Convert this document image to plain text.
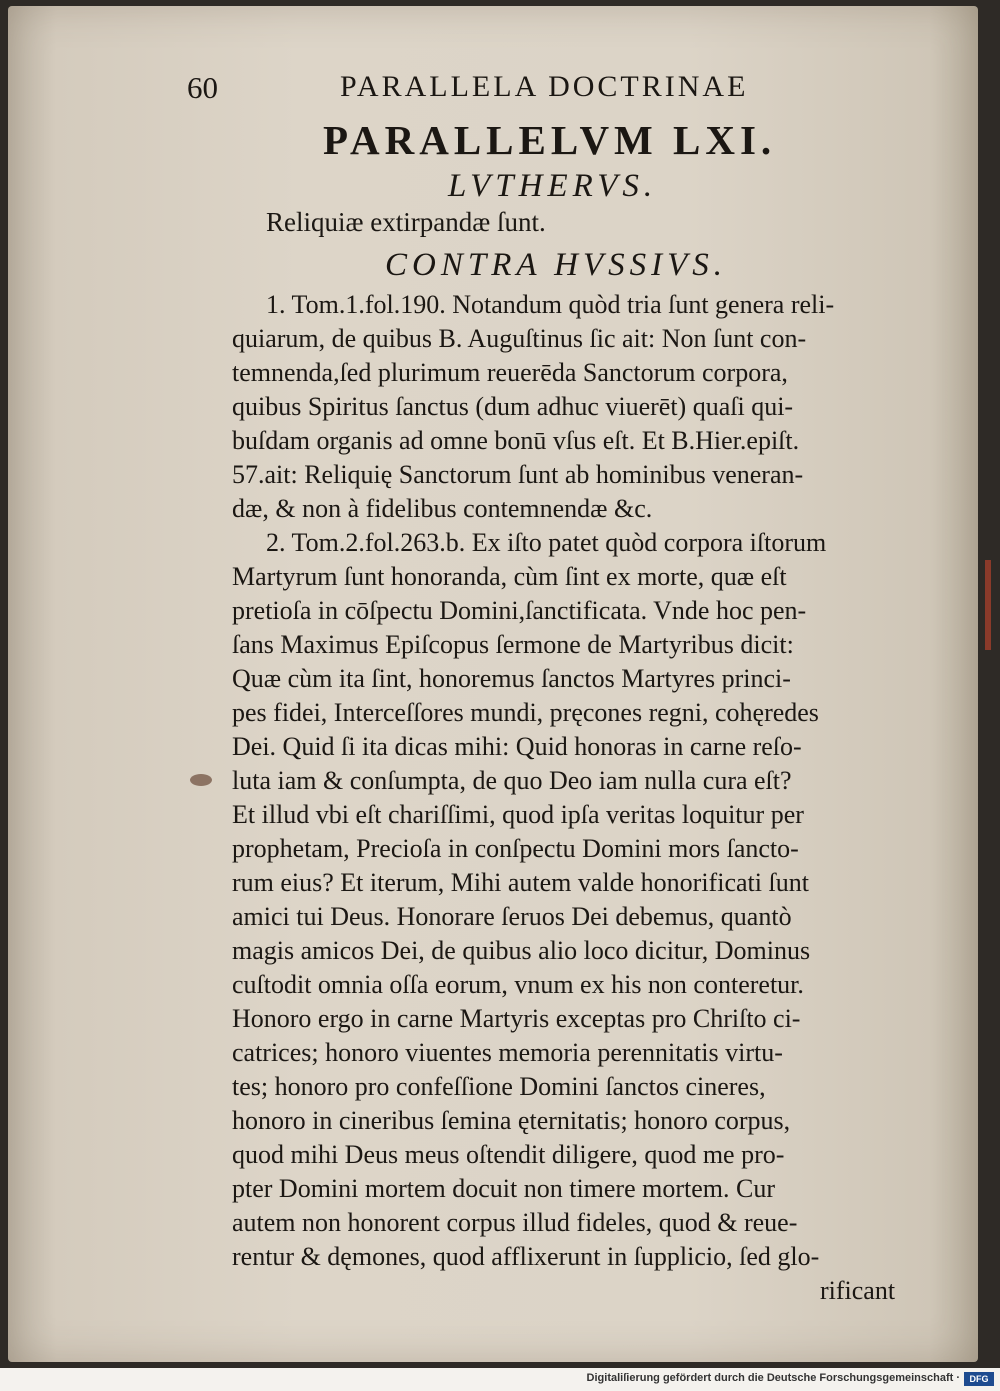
60	PARALLELA DOCTRINAE
PARALLELVM LXI.
LVTHERVS.
Reliquiæ extirpandæ ſunt.
CONTRA HVSSIVS.
1. Tom.1.fol.190. Notandum quòd tria ſunt genera reli-
quiarum, de quibus B. Auguſtinus ſic ait: Non ſunt con-
temnenda,ſed plurimum reuerēda Sanctorum corpora,
quibus Spiritus ſanctus (dum adhuc viuerēt) quaſi qui-
buſdam organis ad omne bonū vſus eſt. Et B.Hier.epiſt.
57.ait: Reliquię Sanctorum ſunt ab hominibus veneran-
dæ, & non à fidelibus contemnendæ &c.
2. Tom.2.fol.263.b. Ex iſto patet quòd corpora iſtorum
Martyrum ſunt honoranda, cùm ſint ex morte, quæ eſt
pretioſa in cōſpectu Domini,ſanctificata. Vnde hoc pen-
ſans Maximus Epiſcopus ſermone de Martyribus dicit:
Quæ cùm ita ſint, honoremus ſanctos Martyres princi-
pes fidei, Interceſſores mundi, pręcones regni, cohęredes
Dei. Quid ſi ita dicas mihi: Quid honoras in carne reſo-
luta iam & conſumpta, de quo Deo iam nulla cura eſt?
Et illud vbi eſt chariſſimi, quod ipſa veritas loquitur per
prophetam, Precioſa in conſpectu Domini mors ſancto-
rum eius? Et iterum, Mihi autem valde honorificati ſunt
amici tui Deus. Honorare ſeruos Dei debemus, quantò
magis amicos Dei, de quibus alio loco dicitur, Dominus
cuſtodit omnia oſſa eorum, vnum ex his non conteretur.
Honoro ergo in carne Martyris exceptas pro Chriſto ci-
catrices; honoro viuentes memoria perennitatis virtu-
tes; honoro pro confeſſione Domini ſanctos cineres,
honoro in cineribus ſemina ęternitatis; honoro corpus,
quod mihi Deus meus oſtendit diligere, quod me pro-
pter Domini mortem docuit non timere mortem. Cur
autem non honorent corpus illud fideles, quod & reue-
rentur & dęmones, quod afflixerunt in ſupplicio, ſed glo-
rificant
Digitaliſierung gefördert durch die Deutsche Forschungsgemeinschaft ·	DFG
